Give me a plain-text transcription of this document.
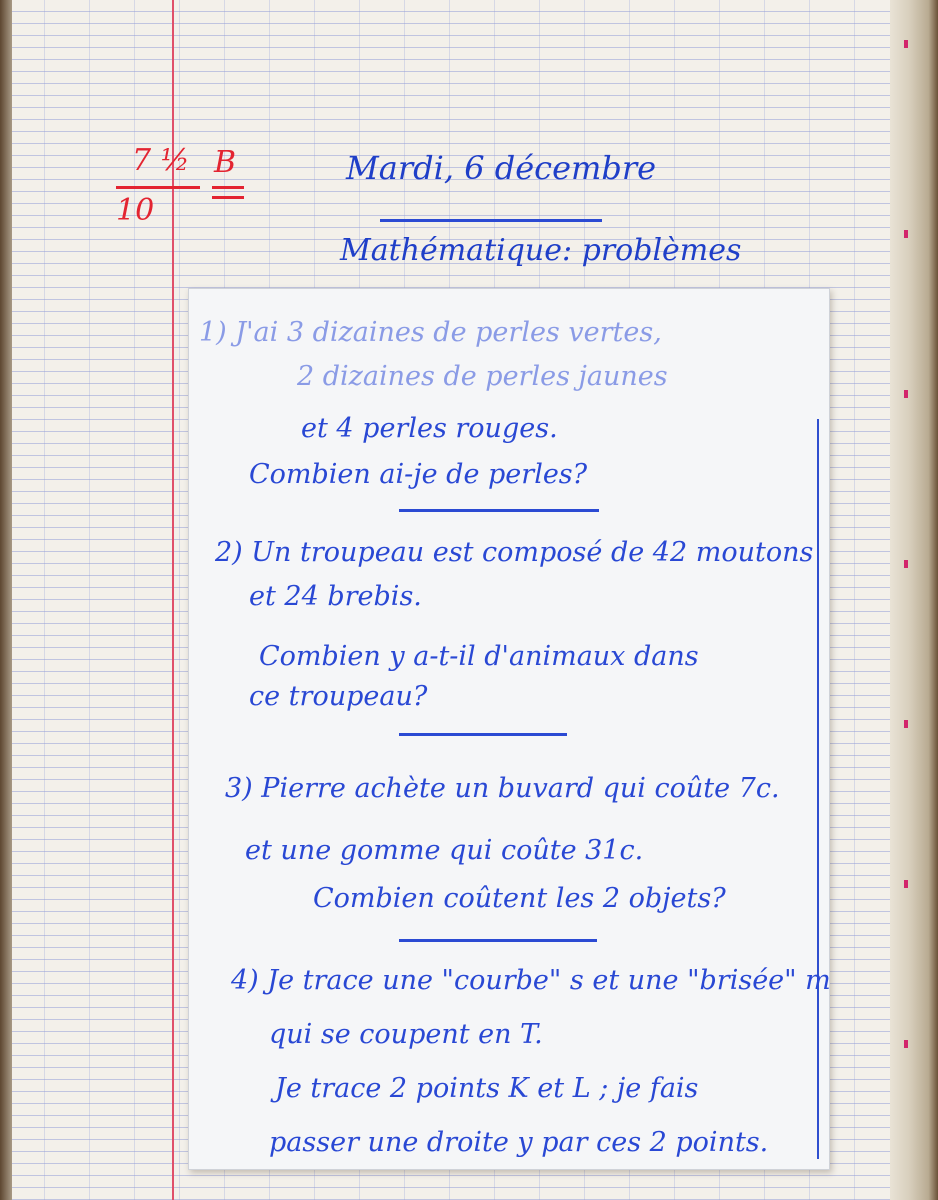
7 ½
10
B	Mardi, 6 décembre
Mathématique: problèmes
1) J'ai 3 dizaines de perles vertes,
2 dizaines de perles jaunes
et 4 perles rouges.
Combien ai-je de perles?
2) Un troupeau est composé de 42 moutons
et 24 brebis.
Combien y a-t-il d'animaux dans
ce troupeau?
3) Pierre achète un buvard qui coûte 7c.
et une gomme qui coûte 31c.
Combien coûtent les 2 objets?
4) Je trace une "courbe" s et une "brisée" m
qui se coupent en T.
Je trace 2 points K et L ; je fais
passer une droite y par ces 2 points.
